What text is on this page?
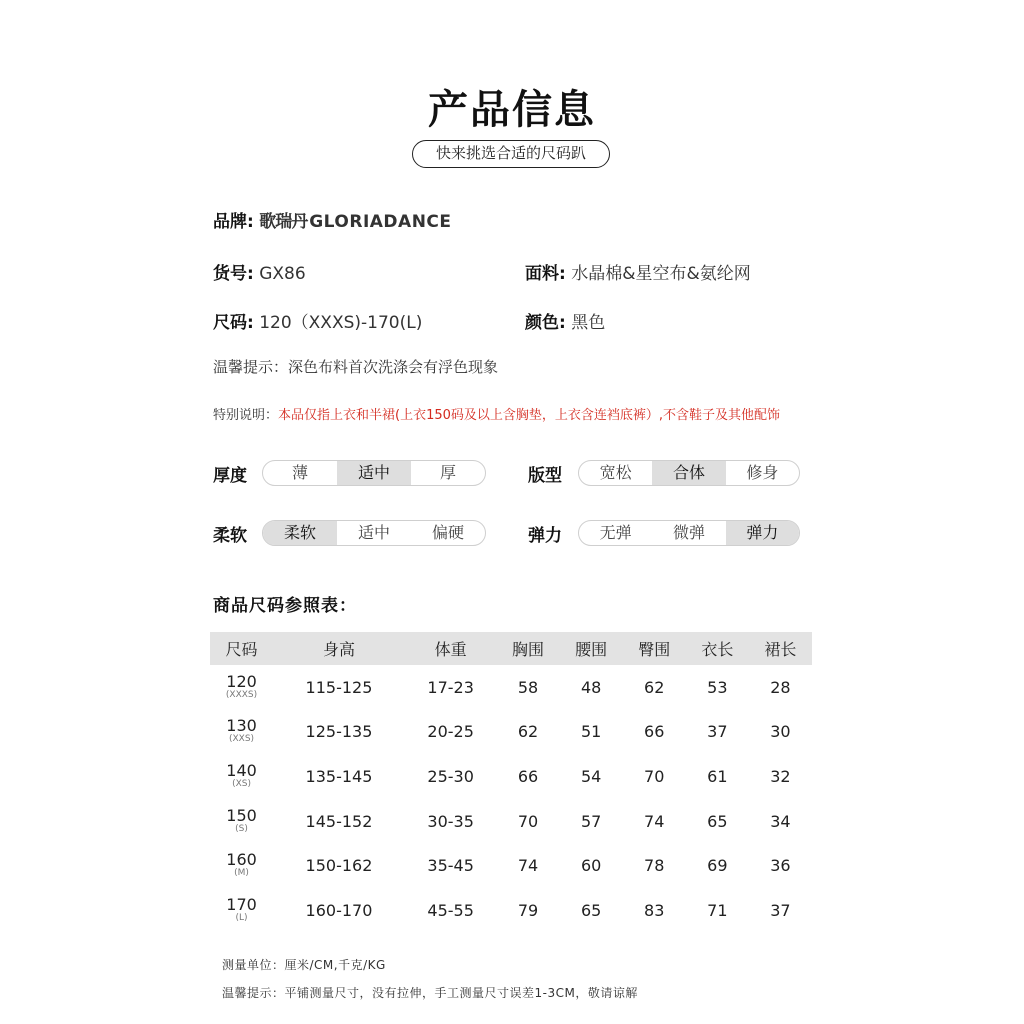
产品信息
快来挑选合适的尺码趴
品牌: 歌瑞丹 GLORIADANCE
货号: GX86	面料: 水晶棉&星空布&氨纶网
尺码: 120（XXXS)-170(L)	颜色: 黑色
温馨提示：深色布料首次洗涤会有浮色现象
特别说明：本品仅指上衣和半裙(上衣150码及以上含胸垫，上衣含连裆底裤）,不含鞋子及其他配饰
厚度	薄	适中	厚	版型	宽松	合体	修身
柔软	柔软	适中	偏硬	弹力	无弹	微弹	弹力
商品尺码参照表：
尺码	身高	体重	胸围	腰围	臀围	衣长	裙长

120
(XXXS)	115-125	17-23	58	48	62	53	28

130
(XXS)	125-135	20-25	62	51	66	37	30

140
(XS)	135-145	25-30	66	54	70	61	32

150
(S)	145-152	30-35	70	57	74	65	34

160
(M)	150-162	35-45	74	60	78	69	36

170
(L)	160-170	45-55	79	65	83	71	37
测量单位：厘米/CM,千克/KG
温馨提示：平铺测量尺寸，没有拉伸，手工测量尺寸误差1-3CM，敬请谅解
